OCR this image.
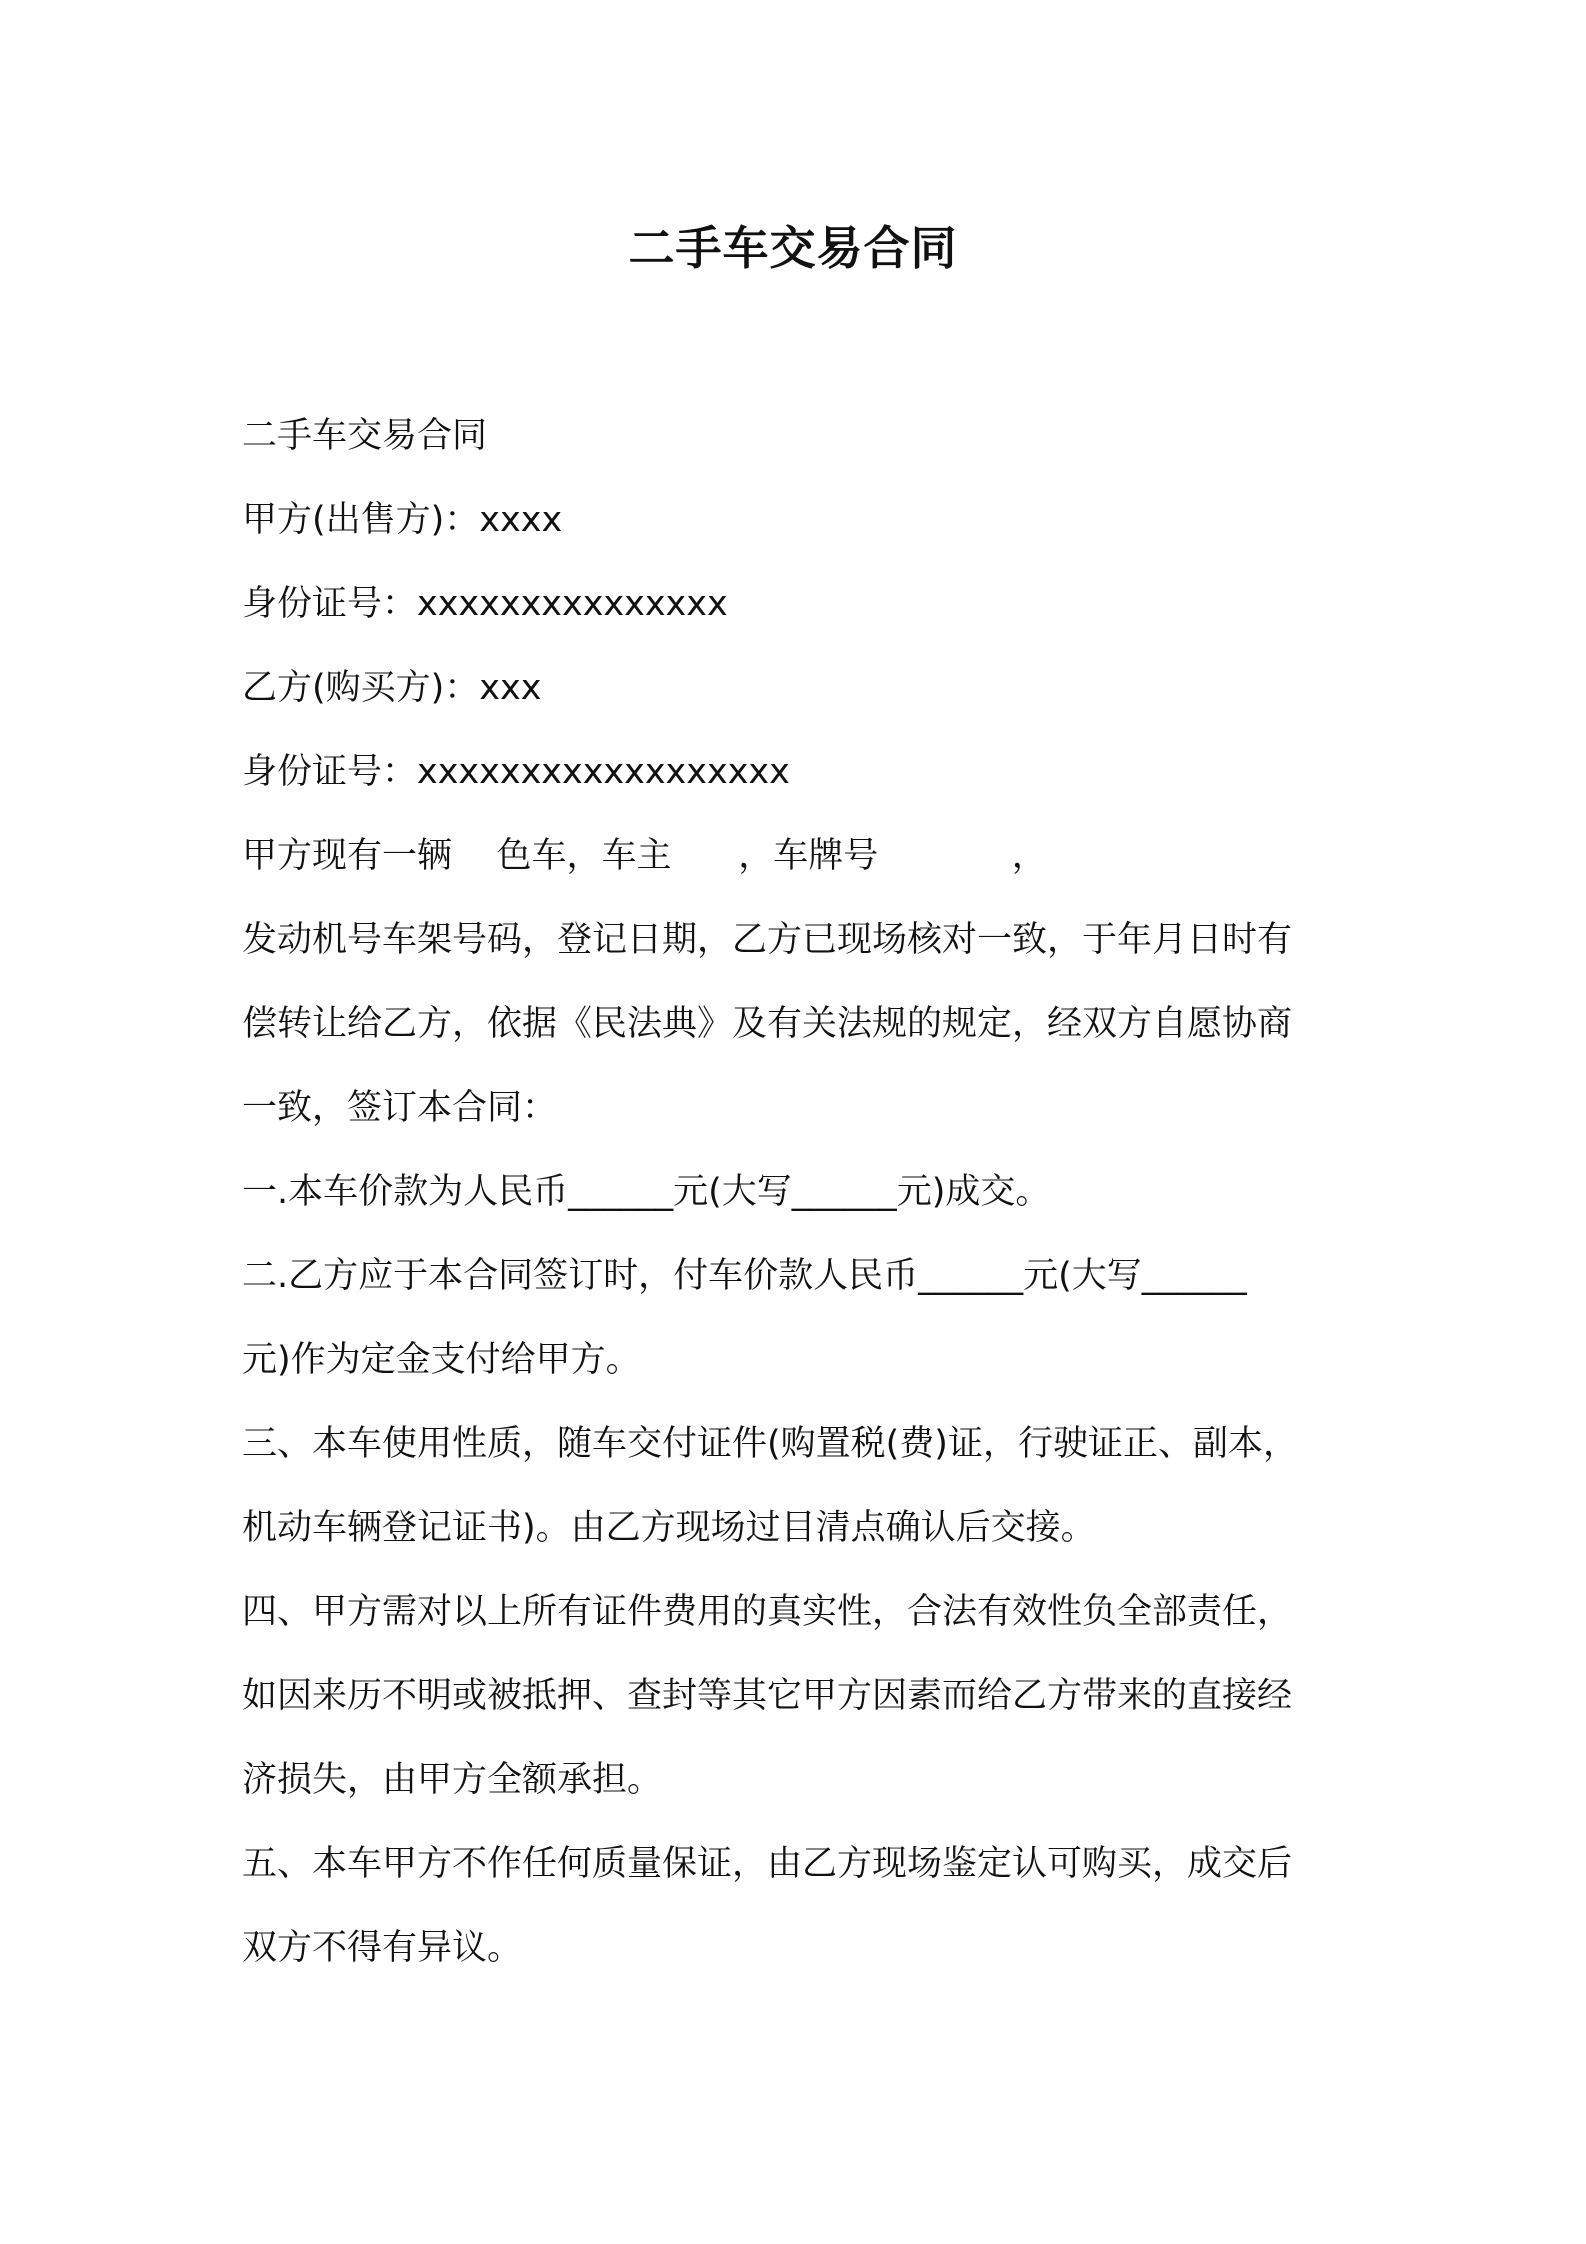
二手车交易合同

二手车交易合同

甲方(出售方)：xxxx

身份证号：xxxxxxxxxxxxxxx

乙方(购买方)：xxx

身份证号：xxxxxxxxxxxxxxxxxx

甲方现有一辆    色车，车主      ，车牌号            ，

发动机号车架号码，登记日期，乙方已现场核对一致，于年月日时有

偿转让给乙方，依据《民法典》及有关法规的规定，经双方自愿协商

一致，签订本合同：

一.本车价款为人民币______元(大写______元)成交。

二.乙方应于本合同签订时，付车价款人民币______元(大写______

元)作为定金支付给甲方。

三、本车使用性质，随车交付证件(购置税(费)证，行驶证正、副本，

机动车辆登记证书)。由乙方现场过目清点确认后交接。

四、甲方需对以上所有证件费用的真实性，合法有效性负全部责任，

如因来历不明或被抵押、查封等其它甲方因素而给乙方带来的直接经

济损失，由甲方全额承担。

五、本车甲方不作任何质量保证，由乙方现场鉴定认可购买，成交后

双方不得有异议。
